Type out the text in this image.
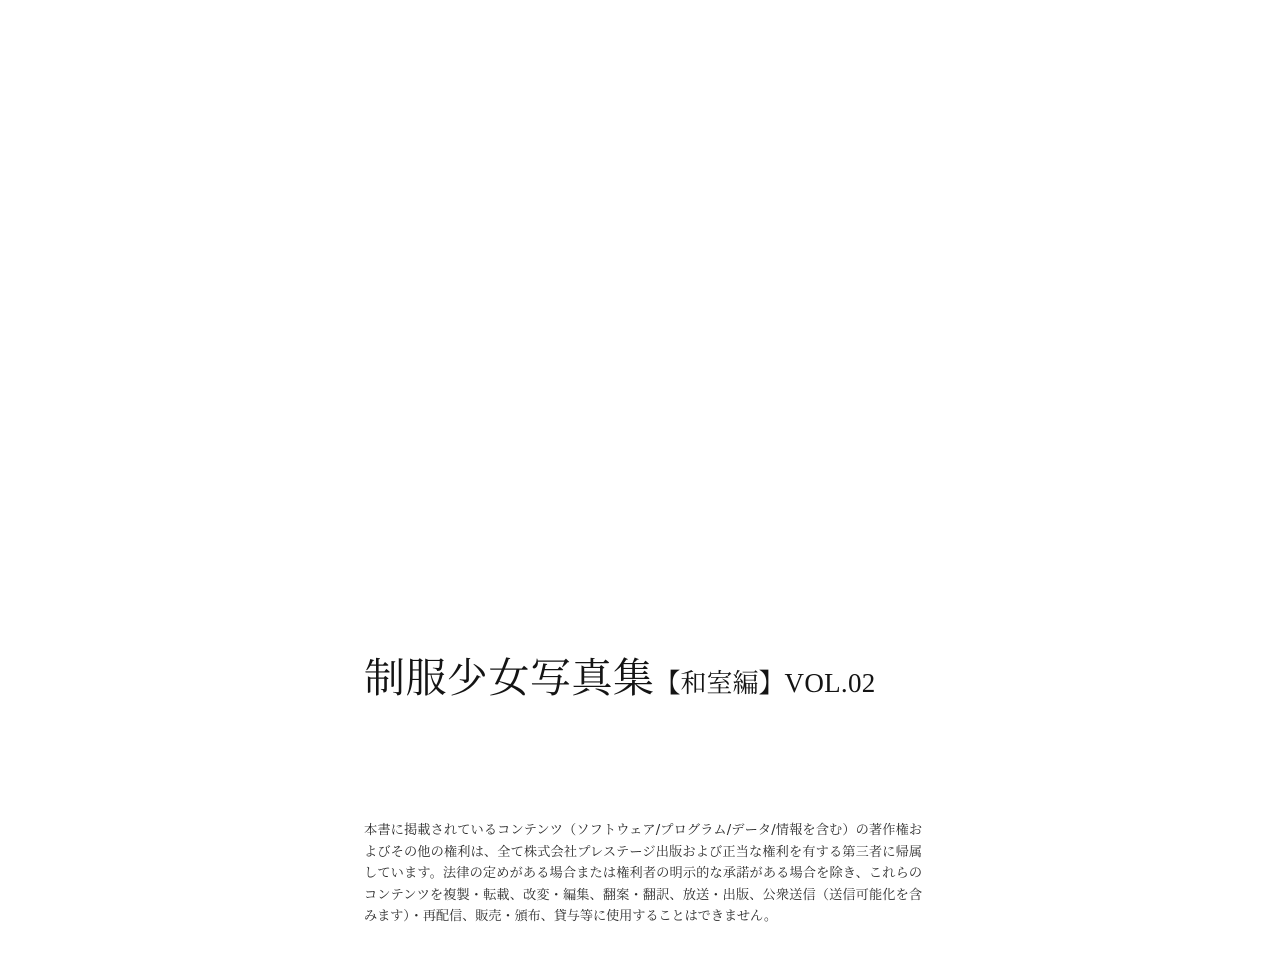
制服少女写真集【和室編】VOL.02
本書に掲載されているコンテンツ（ソフトウェア/プログラム/データ/情報を含む）の著作権およびその他の権利は、全て株式会社プレステージ出版および正当な権利を有する第三者に帰属しています。法律の定めがある場合または権利者の明示的な承諾がある場合を除き、これらのコンテンツを複製・転載、改変・編集、翻案・翻訳、放送・出版、公衆送信（送信可能化を含みます）・再配信、販売・頒布、貸与等に使用することはできません。
